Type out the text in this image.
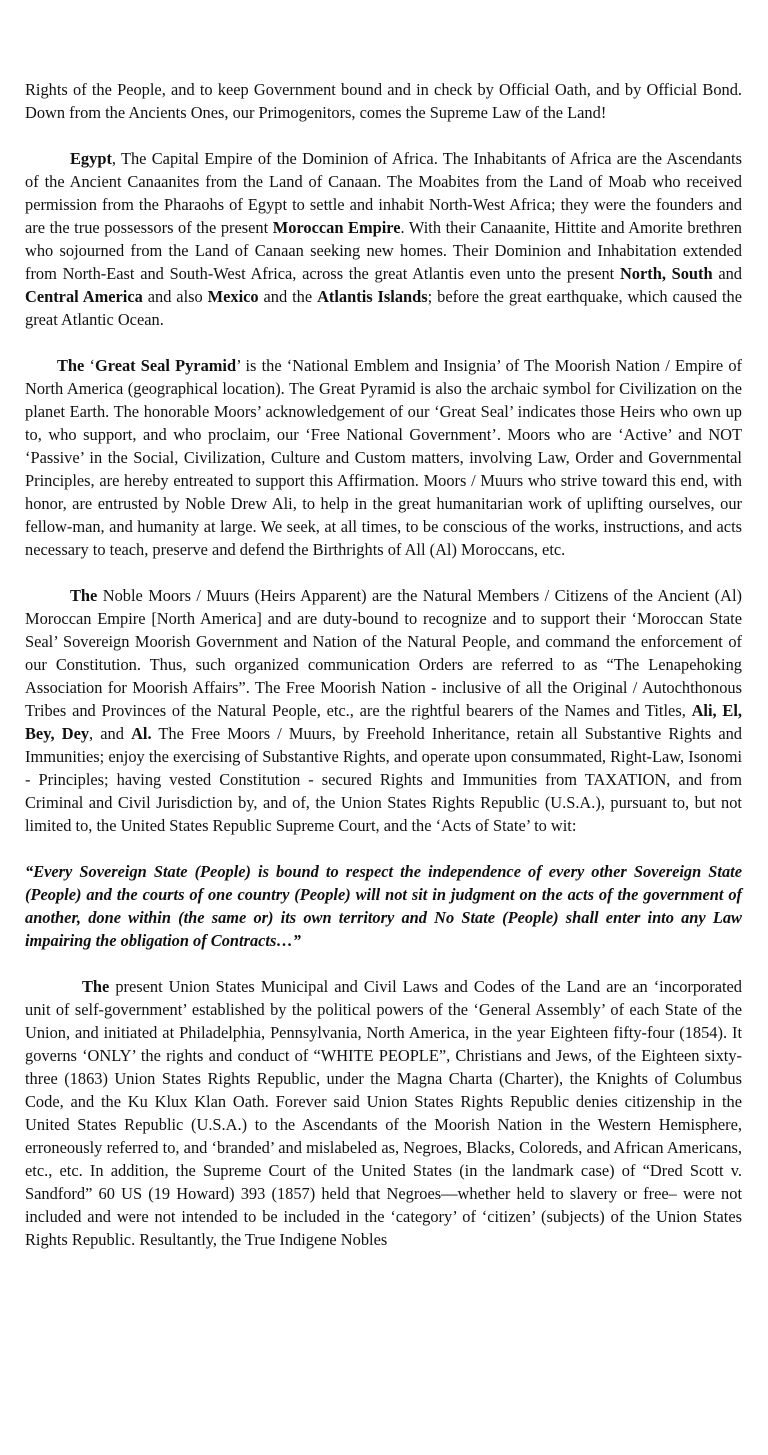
Rights of the People, and to keep Government bound and in check by Official Oath, and by Official Bond. Down from the Ancients Ones, our Primogenitors, comes the Supreme Law of the Land!

Egypt, The Capital Empire of the Dominion of Africa. The Inhabitants of Africa are the Ascendants of the Ancient Canaanites from the Land of Canaan. The Moabites from the Land of Moab who received permission from the Pharaohs of Egypt to settle and inhabit North-West Africa; they were the founders and are the true possessors of the present Moroccan Empire. With their Canaanite, Hittite and Amorite brethren who sojourned from the Land of Canaan seeking new homes. Their Dominion and Inhabitation extended from North-East and South-West Africa, across the great Atlantis even unto the present North, South and Central America and also Mexico and the Atlantis Islands; before the great earthquake, which caused the great Atlantic Ocean.

The ‘Great Seal Pyramid’ is the ‘National Emblem and Insignia’ of The Moorish Nation / Empire of North America (geographical location). The Great Pyramid is also the archaic symbol for Civilization on the planet Earth. The honorable Moors’ acknowledgement of our ‘Great Seal’ indicates those Heirs who own up to, who support, and who proclaim, our ‘Free National Government’. Moors who are ‘Active’ and NOT ‘Passive’ in the Social, Civilization, Culture and Custom matters, involving Law, Order and Governmental Principles, are hereby entreated to support this Affirmation. Moors / Muurs who strive toward this end, with honor, are entrusted by Noble Drew Ali, to help in the great humanitarian work of uplifting ourselves, our fellow-man, and humanity at large. We seek, at all times, to be conscious of the works, instructions, and acts necessary to teach, preserve and defend the Birthrights of All (Al) Moroccans, etc.

The Noble Moors / Muurs (Heirs Apparent) are the Natural Members / Citizens of the Ancient (Al) Moroccan Empire [North America] and are duty-bound to recognize and to support their ‘Moroccan State Seal’ Sovereign Moorish Government and Nation of the Natural People, and command the enforcement of our Constitution. Thus, such organized communication Orders are referred to as “The Lenapehoking Association for Moorish Affairs”. The Free Moorish Nation - inclusive of all the Original / Autochthonous Tribes and Provinces of the Natural People, etc., are the rightful bearers of the Names and Titles, Ali, El, Bey, Dey, and Al. The Free Moors / Muurs, by Freehold Inheritance, retain all Substantive Rights and Immunities; enjoy the exercising of Substantive Rights, and operate upon consummated, Right-Law, Isonomi - Principles; having vested Constitution - secured Rights and Immunities from TAXATION, and from Criminal and Civil Jurisdiction by, and of, the Union States Rights Republic (U.S.A.), pursuant to, but not limited to, the United States Republic Supreme Court, and the ‘Acts of State’ to wit:

“Every Sovereign State (People) is bound to respect the independence of every other Sovereign State (People) and the courts of one country (People) will not sit in judgment on the acts of the government of another, done within (the same or) its own territory and No State (People) shall enter into any Law impairing the obligation of Contracts…”

The present Union States Municipal and Civil Laws and Codes of the Land are an ‘incorporated unit of self-government’ established by the political powers of the ‘General Assembly’ of each State of the Union, and initiated at Philadelphia, Pennsylvania, North America, in the year Eighteen fifty-four (1854). It governs ‘ONLY’ the rights and conduct of “WHITE PEOPLE”, Christians and Jews, of the Eighteen sixty-three (1863) Union States Rights Republic, under the Magna Charta (Charter), the Knights of Columbus Code, and the Ku Klux Klan Oath. Forever said Union States Rights Republic denies citizenship in the United States Republic (U.S.A.) to the Ascendants of the Moorish Nation in the Western Hemisphere, erroneously referred to, and ‘branded’ and mislabeled as, Negroes, Blacks, Coloreds, and African Americans, etc., etc. In addition, the Supreme Court of the United States (in the landmark case) of “Dred Scott v. Sandford” 60 US (19 Howard) 393 (1857) held that Negroes—whether held to slavery or free– were not included and were not intended to be included in the ‘category’ of ‘citizen’ (subjects) of the Union States Rights Republic. Resultantly, the True Indigene Nobles
